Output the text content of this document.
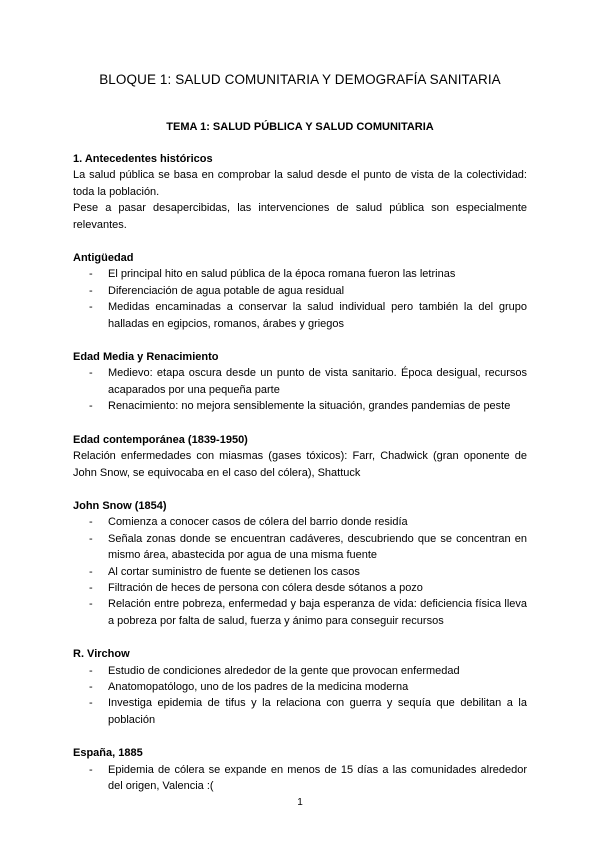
BLOQUE 1: SALUD COMUNITARIA Y DEMOGRAFÍA SANITARIA
TEMA 1: SALUD PÚBLICA Y SALUD COMUNITARIA

1. Antecedentes históricos

La salud pública se basa en comprobar la salud desde el punto de vista de la colectividad: toda la población.

Pese a pasar desapercibidas, las intervenciones de salud pública son especialmente relevantes.

Antigüedad

- El principal hito en salud pública de la época romana fueron las letrinas
- Diferenciación de agua potable de agua residual
- Medidas encaminadas a conservar la salud individual pero también la del grupo halladas en egipcios, romanos, árabes y griegos

Edad Media y Renacimiento

- Medievo: etapa oscura desde un punto de vista sanitario. Época desigual, recursos acaparados por una pequeña parte
- Renacimiento: no mejora sensiblemente la situación, grandes pandemias de peste

Edad contemporánea (1839-1950)

Relación enfermedades con miasmas (gases tóxicos): Farr, Chadwick (gran oponente de John Snow, se equivocaba en el caso del cólera), Shattuck

John Snow (1854)

- Comienza a conocer casos de cólera del barrio donde residía
- Señala zonas donde se encuentran cadáveres, descubriendo que se concentran en mismo área, abastecida por agua de una misma fuente
- Al cortar suministro de fuente se detienen los casos
- Filtración de heces de persona con cólera desde sótanos a pozo
- Relación entre pobreza, enfermedad y baja esperanza de vida: deficiencia física lleva a pobreza por falta de salud, fuerza y ánimo para conseguir recursos

R. Virchow

- Estudio de condiciones alrededor de la gente que provocan enfermedad
- Anatomopatólogo, uno de los padres de la medicina moderna
- Investiga epidemia de tifus y la relaciona con guerra y sequía que debilitan a la población

España, 1885

- Epidemia de cólera se expande en menos de 15 días a las comunidades alrededor del origen, Valencia :(
1
